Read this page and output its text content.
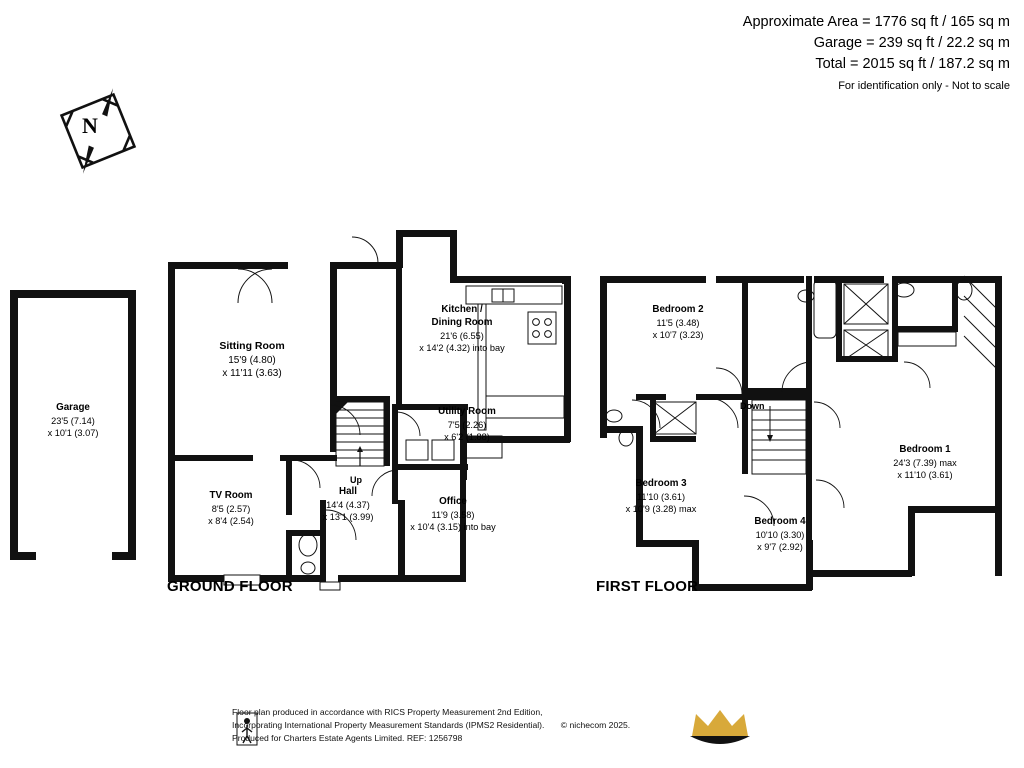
Approximate Area = 1776 sq ft / 165 sq m
Garage = 239 sq ft / 22.2 sq m
Total = 2015 sq ft / 187.2 sq m
For identification only - Not to scale
N
Garage
23'5 (7.14)
x 10'1 (3.07)
Sitting Room
15'9 (4.80)
x 11'11 (3.63)
Kitchen /
Dining Room
21'6 (6.55)
x 14'2 (4.32) into bay
Utility Room
7'5 (2.26)
x 6'2 (1.88)
TV Room
8'5 (2.57)
x 8'4 (2.54)
Hall
14'4 (4.37)
x 13'1 (3.99)
Office
11'9 (3.58)
x 10'4 (3.15) into bay
Up
GROUND FLOOR
Bedroom 2
11'5 (3.48)
x 10'7 (3.23)
Bedroom 1
24'3 (7.39) max
x 11'10 (3.61)
Bedroom 3
11'10 (3.61)
x 10'9 (3.28) max
Bedroom 4
10'10 (3.30)
x 9'7 (2.92)
Down
FIRST FLOOR
Floor plan produced in accordance with RICS Property Measurement 2nd Edition,
Incorporating International Property Measurement Standards (IPMS2 Residential). © nichecom 2025.
Produced for Charters Estate Agents Limited. REF: 1256798
